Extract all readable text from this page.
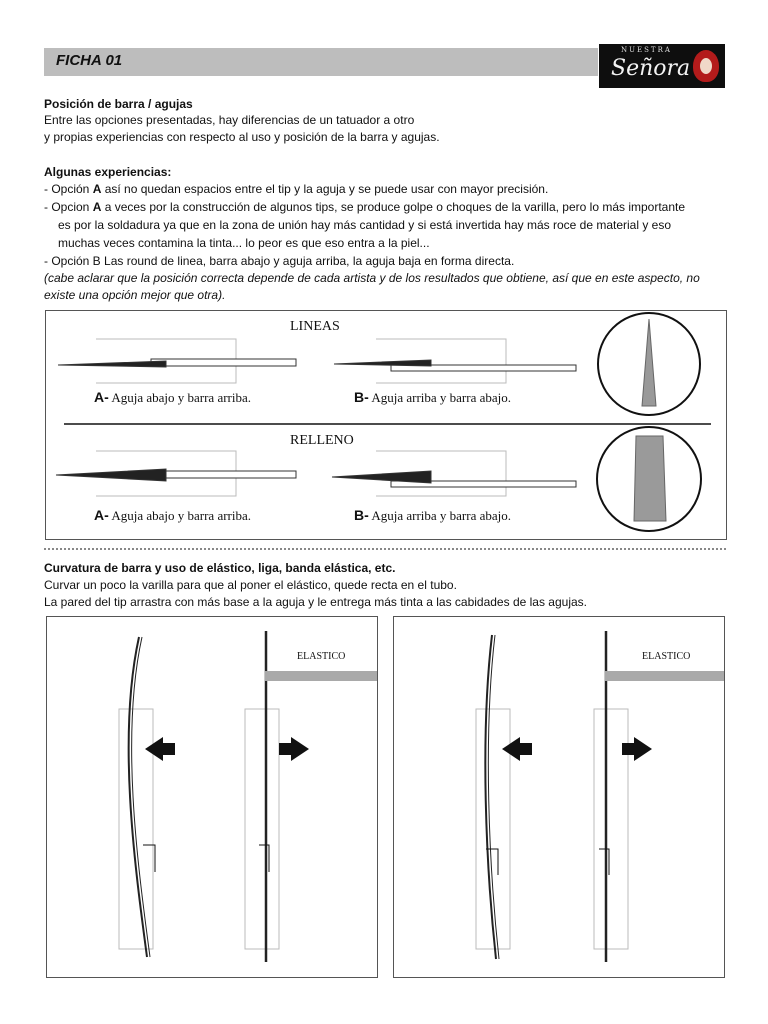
FICHA 01
NUESTRA
Señora
Posición de barra / agujas
Entre las opciones presentadas, hay diferencias de un tatuador a otro
y propias experiencias con respecto al uso y posición de la barra y agujas.
Algunas experiencias:
- Opción A así no quedan espacios entre el tip y la aguja y se puede usar con mayor precisión.
- Opcion A a veces por la construcción de algunos tips, se produce golpe o choques de la varilla, pero lo más importante
es por la soldadura ya que en la zona de unión hay más cantidad y si está invertida hay más roce de material y eso
muchas veces contamina la tinta... lo peor es que eso entra a la piel...
- Opción B Las round de linea, barra abajo y aguja arriba, la aguja baja en forma directa.
(cabe aclarar que la posición correcta depende de cada artista y de los resultados que obtiene, así que en este aspecto, no
existe una opción mejor que otra).
LINEAS
RELLENO
A- Aguja abajo y barra arriba.	B- Aguja arriba y barra abajo.
A- Aguja abajo y barra arriba.	B- Aguja arriba y barra abajo.
Curvatura de barra y uso de elástico, liga, banda elástica, etc.
Curvar un poco la varilla para que al poner el elástico, quede recta en el tubo.
La pared del tip arrastra con más base a la aguja y le entrega más tinta a las cabidades de las agujas.
ELASTICO	ELASTICO
